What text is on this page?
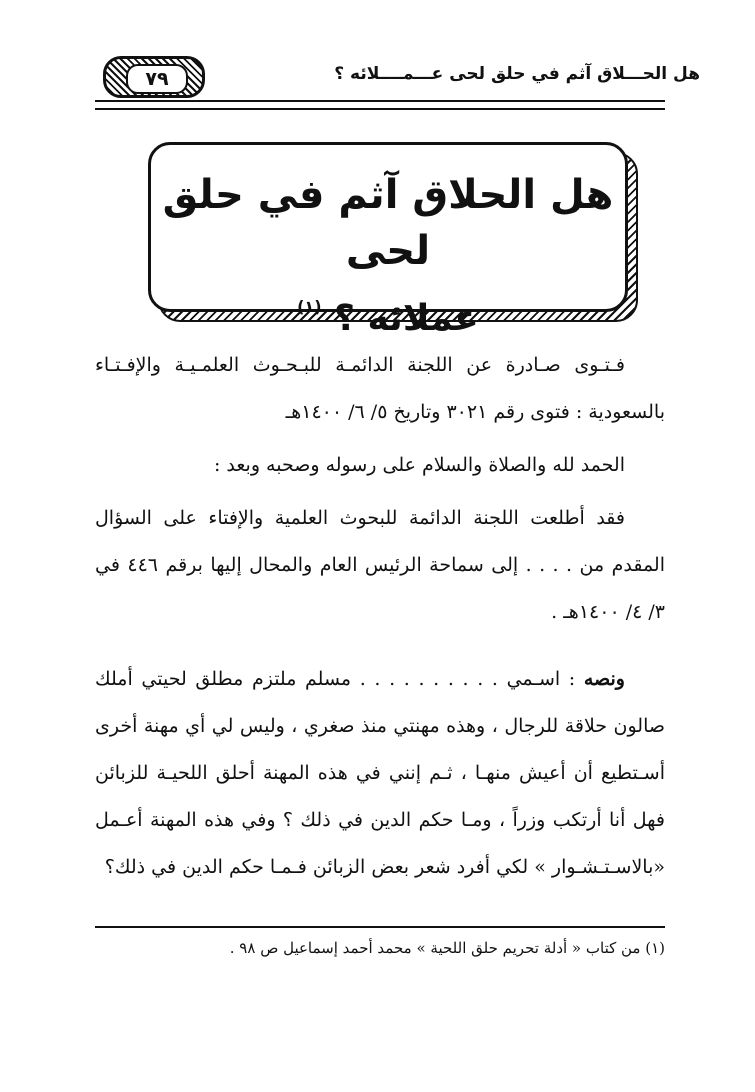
هل الحـــلاق آثم في حلق لحى عـــمــــلائه ؟
٧٩
هل الحلاق آثم في حلق لحى
عملائه ؟ $^{(١)}$

فـتـوى صـادرة عن اللجنة الدائمـة للبـحـوث العلمـيـة والإفـتـاء بالسعودية : فتوى رقم ٣٠٢١ وتاريخ ٥/ ٦/ ١٤٠٠هـ

الحمد لله والصلاة والسلام على رسوله وصحبه وبعد :

فقد أطلعت اللجنة الدائمة للبحوث العلمية والإفتاء على السؤال المقدم من . . . . إلى سماحة الرئيس العام والمحال إليها برقم ٤٤٦ في ٣/ ٤/ ١٤٠٠هـ .

ونصه : اسـمي . . . . . . . . . . مسلم ملتزم مطلق لحيتي أملك صالون حلاقة للرجال ، وهذه مهنتي منذ صغري ، وليس لي أي مهنة أخرى أسـتطيع أن أعيش منهـا ، ثـم إنني في هذه المهنة أحلق اللحيـة للزبائن فهل أنا أرتكب وزراً ، ومـا حكم الدين في ذلك ؟ وفي هذه المهنة أعـمل «بالاسـتـشـوار » لكي أفرد شعر بعض الزبائن فـمـا حكم الدين في ذلك؟

(١) من كتاب « أدلة تحريم حلق اللحية » محمد أحمد إسماعيل ص ٩٨ .
